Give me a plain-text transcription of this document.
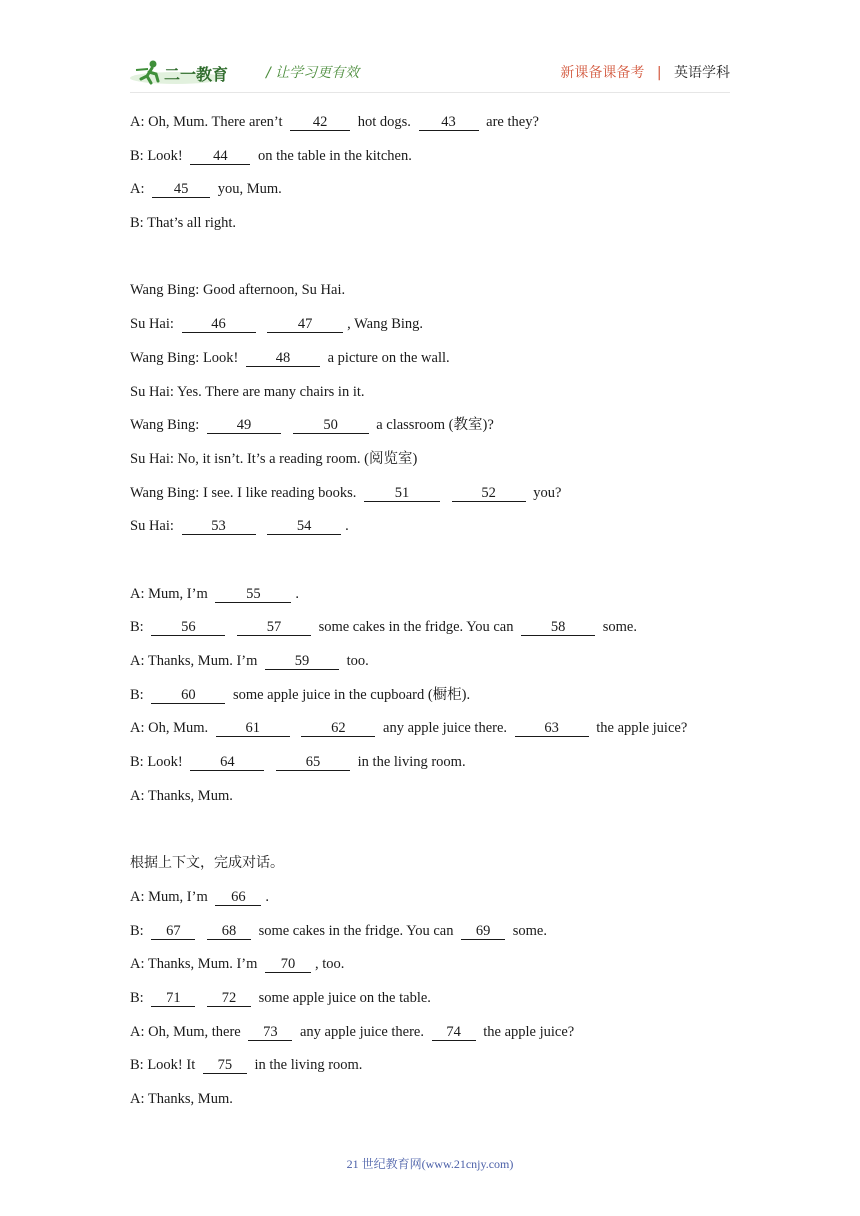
二一教育	/ 让学习更有效	新课备课备考 | 英语学科
A: Oh, Mum. There aren’t 42 hot dogs. 43 are they?
B: Look! 44 on the table in the kitchen.
A: 45 you, Mum.
B: That’s all right.
Wang Bing: Good afternoon, Su Hai.
Su Hai:	46	47 , Wang Bing.
Wang Bing: Look!	48	a picture on the wall.
Su Hai: Yes. There are many chairs in it.
Wang Bing:	49	50	a classroom (教室)?
Su Hai: No, it isn’t. It’s a reading room. (阅览室)
Wang Bing: I see. I like reading books.	51	52	you?
Su Hai:	53	54 .
A: Mum, I’m	55 .
B:	56	57	some cakes in the fridge. You can	58	some.
A: Thanks, Mum. I’m	59	too.
B:	60	some apple juice in the cupboard (橱柜).
A: Oh, Mum.	61	62	any apple juice there.	63	the apple juice?
B: Look!	64	65	in the living room.
A: Thanks, Mum.
根据上下文，完成对话。
A: Mum, I’m 66 .
B: 67	68 some cakes in the fridge. You can 69 some.
A: Thanks, Mum. I’m 70 , too.
B: 71	72 some apple juice on the table.
A: Oh, Mum, there 73 any apple juice there. 74 the apple juice?
B: Look! It 75 in the living room.
A: Thanks, Mum.
21 世纪教育网(www.21cnjy.com)
